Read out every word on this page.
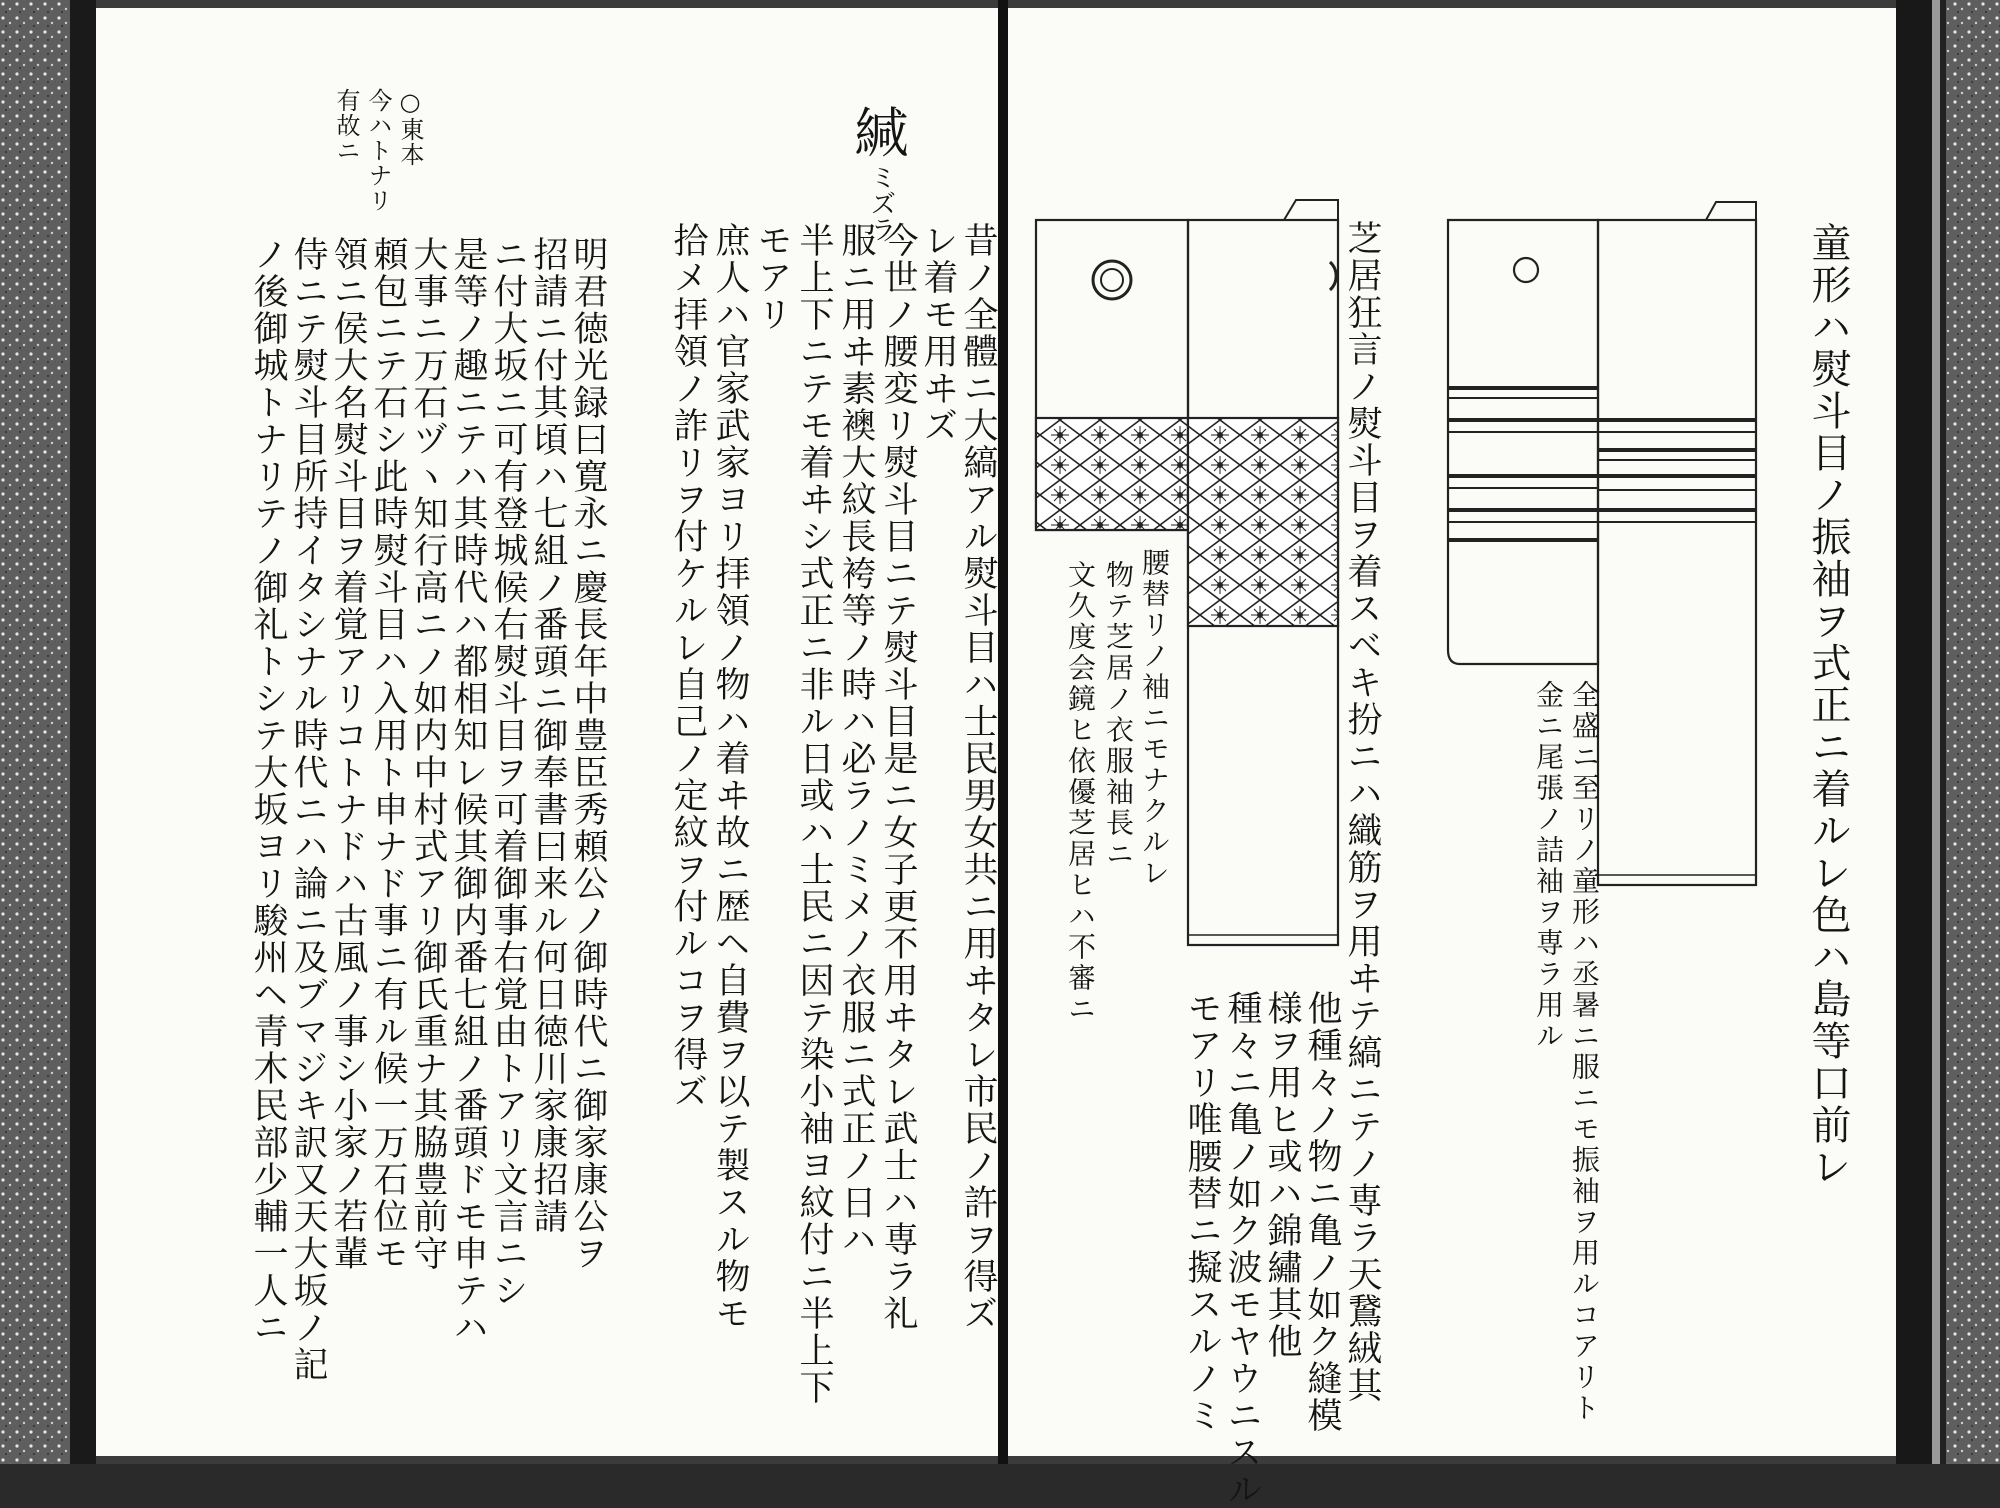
○東本
今ハトナリ
有故ニ	緘
ミズラ
昔ノ全體ニ大縞アル熨斗目ハ士民男女共ニ用ヰタレ市民ノ許ヲ得ズ
レ着モ用ヰズ
今世ノ腰変リ熨斗目ニテ熨斗目是ニ女子更不用ヰタレ武士ハ専ラ礼
服ニ用ヰ素襖大紋長袴等ノ時ハ必ラノミメノ衣服ニ式正ノ日ハ
半上下ニテモ着ヰシ式正ニ非ル日或ハ士民ニ因テ染小袖ヨ紋付ニ半上下
モアリ
庶人ハ官家武家ヨリ拝領ノ物ハ着ヰ故ニ歴ヘ自費ヲ以テ製スル物モ
拾メ拝領ノ詐リヲ付ケルレ自己ノ定紋ヲ付ルコヲ得ズ
明君徳光録曰寛永ニ慶長年中豊臣秀頼公ノ御時代ニ御家康公ヲ
招請ニ付其頃ハ七組ノ番頭ニ御奉書曰来ル何日徳川家康招請
ニ付大坂ニ可有登城候右熨斗目ヲ可着御事右覚由トアリ文言ニシ
是等ノ趣ニテハ其時代ハ都相知レ候其御内番七組ノ番頭ドモ申テハ
大事ニ万石ヅヽ知行高ニノ如内中村式アリ御氏重ナ其脇豊前守
頼包ニテ石シ此時熨斗目ハ入用ト申ナド事ニ有ル候一万石位モ
領ニ侯大名熨斗目ヲ着覚アリコトナドハ古風ノ事シ小家ノ若輩
侍ニテ熨斗目所持イタシナル時代ニハ論ニ及ブマジキ訳又天大坂ノ記
ノ後御城トナリテノ御礼トシテ大坂ヨリ駿州ヘ青木民部少輔一人ニ	童形ハ熨斗目ノ振袖ヲ式正ニ着ルレ色ハ島等口前レ
全盛ニ至リノ童形ハ丞暑ニ服ニモ振袖ヲ用ルコアリト
金ニ尾張ノ詰袖ヲ専ラ用ル
芝居狂言ノ熨斗目ヲ着スベキ扮ニハ織筋ヲ用ヰテ縞ニテノ専ラ天鵞絨其
他種々ノ物ニ亀ノ如ク縫模
様ヲ用ヒ或ハ錦繡其他
種々ニ亀ノ如ク波モヤウニスル
モアリ唯腰替ニ擬スルノミ
腰替リノ袖ニモナクルレ
物テ芝居ノ衣服袖長ニ
文久度会鏡ヒ依優芝居ヒハ不審ニ
